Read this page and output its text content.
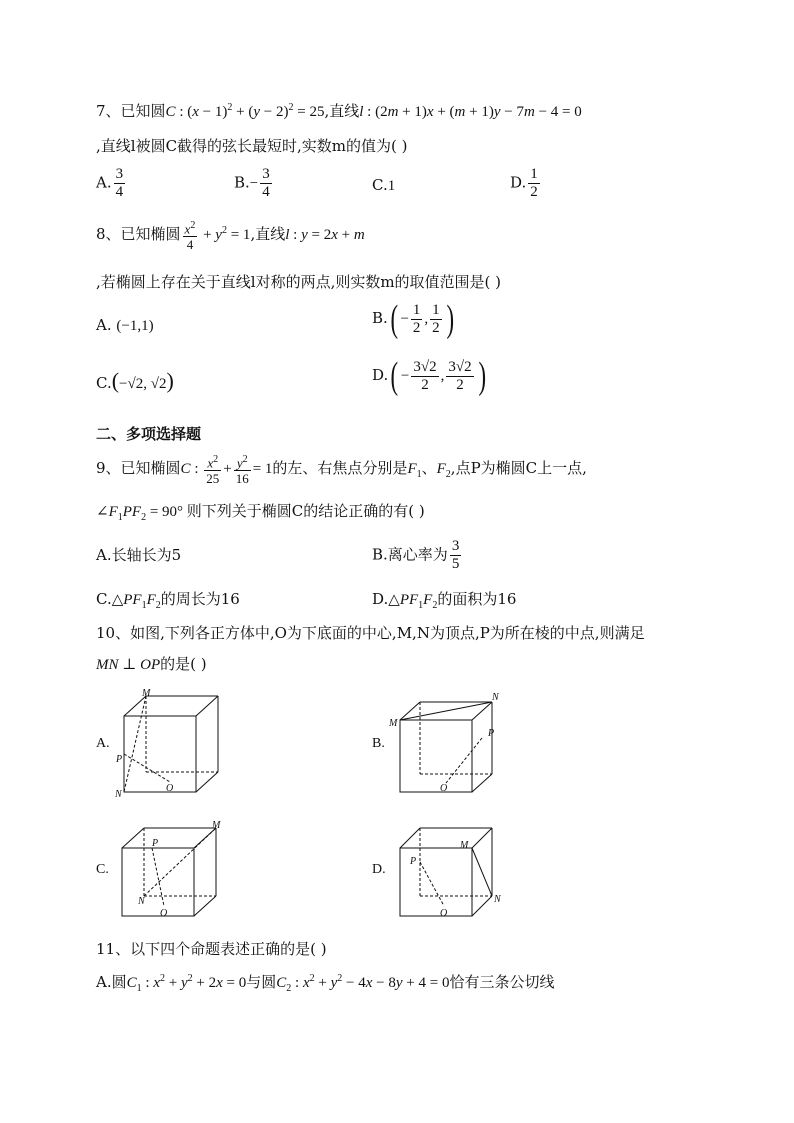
7、已知圆C : $(x - 1)^2 + (y - 2)^2 = 25$,直线l : (2m + 1)x + (m + 1)y − 7m − 4 = 0
,直线l被圆C截得的弦长最短时,实数m的值为( )
A. $\frac{3}{4}$	$B.- \frac{3}{4}$	C.1	D. $\frac{1}{2}$
8、已知椭圆 $\frac{x^2}{4} + y^2 = 1$,直线l : y = 2x + m
,若椭圆上存在关于直线l对称的两点,则实数m的取值范围是( )
A. (−1,1)	$B.( - \frac{1}{2}$ , $\frac{1}{2}$ )
C.(−√2, √2)	$D.( - \frac{3√2}{2}$ , $\frac{3√2}{2}$ )
二、多项选择题
9、已知椭圆C : $\frac{x^2}{25} + \frac{y^2}{16} = 1$的左、右焦点分别是$F_1$、$F_2$,点P为椭圆C上一点,
$\angle F_1PF_2 = 90^\circ$ 则下列关于椭圆C的结论正确的有( )
A.长轴长为5	B.离心率为 $\frac{3}{5}$
$C.\triangle PF_1F_2$的周长为16	$D.\triangle PF_1F_2$的面积为16
10、如图,下列各正方体中,O为下底面的中心,M,N为顶点,P为所在棱的中点,则满足
MN ⊥ OP的是( )
A.
M
N
P
O
B.
M
N
P
O
C.
M
N
P
O
D.
M
N
P
O
11、以下四个命题表述正确的是( )
A.圆$C_1$ : $x^2 + y^2 + 2x = 0$与圆$C_2$ : $x^2 + y^2 - 4x - 8y + 4 = 0$恰有三条公切线
